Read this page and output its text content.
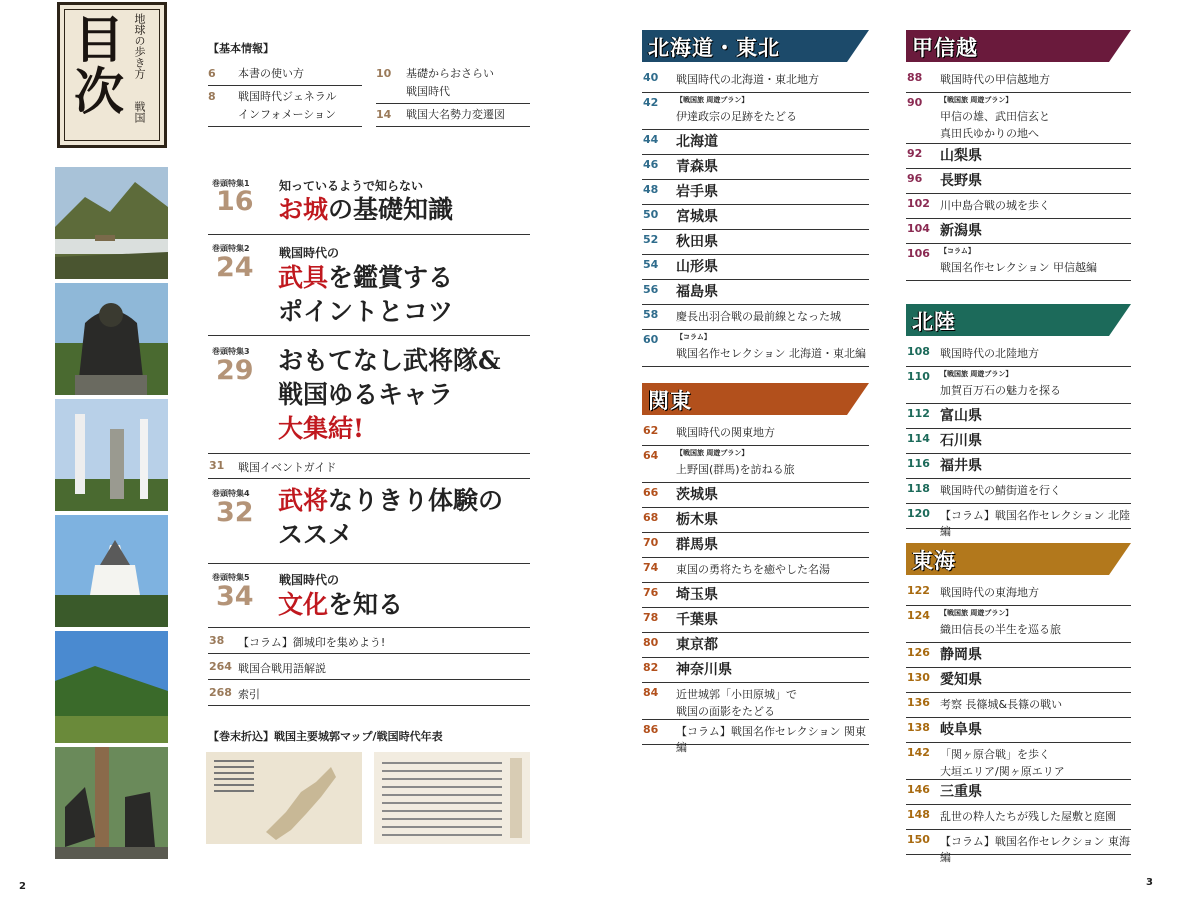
目次 地球の歩き方
戦国
【基本情報】
6 本書の使い方
8 戦国時代ジェネラル
インフォメーション
10 基礎からおさらい
戦国時代
14 戦国大名勢力変遷図
巻頭特集1
16 知っているようで知らない
お城の基礎知識
巻頭特集2
24 戦国時代の
武具を鑑賞する
ポイントとコツ
巻頭特集3
29 おもてなし武将隊&
戦国ゆるキャラ
大集結!
31 戦国イベントガイド
巻頭特集4
32 武将なりきり体験の
ススメ
巻頭特集5
34
戦国時代の
文化を知る
38 【コラム】御城印を集めよう!
264 戦国合戦用語解説
268 索引
【巻末折込】戦国主要城郭マップ/戦国時代年表
北海道・東北
40 戦国時代の北海道・東北地方
42	【戦国旅 周遊プラン】
伊達政宗の足跡をたどる
44 北海道
46 青森県
48 岩手県
50 宮城県
52 秋田県
54 山形県
56 福島県
58 慶長出羽合戦の最前線となった城
60	【コラム】
戦国名作セレクション 北海道・東北編
関東
62 戦国時代の関東地方
64	【戦国旅 周遊プラン】
上野国(群馬)を訪ねる旅
66 茨城県
68 栃木県
70 群馬県
74 東国の勇将たちを癒やした名湯
76 埼玉県
78 千葉県
80 東京都
82 神奈川県
84 近世城郭「小田原城」で
戦国の面影をたどる
86 【コラム】戦国名作セレクション 関東編
甲信越
88 戦国時代の甲信越地方
90	【戦国旅 周遊プラン】
甲信の雄、武田信玄と
真田氏ゆかりの地へ
92 山梨県
96 長野県
102 川中島合戦の城を歩く
104 新潟県
106 【コラム】
戦国名作セレクション 甲信越編
北陸
108 戦国時代の北陸地方
110 【戦国旅 周遊プラン】
加賀百万石の魅力を探る
112 富山県
114 石川県
116 福井県
118 戦国時代の鯖街道を行く
120 【コラム】戦国名作セレクション 北陸編
東海
122 戦国時代の東海地方
124 【戦国旅 周遊プラン】
織田信長の半生を巡る旅
126 静岡県
130 愛知県
136 考察 長篠城&長篠の戦い
138 岐阜県
142 「関ヶ原合戦」を歩く
大垣エリア/関ヶ原エリア
146 三重県
148 乱世の粋人たちが残した屋敷と庭園
150 【コラム】戦国名作セレクション 東海編
2	3
